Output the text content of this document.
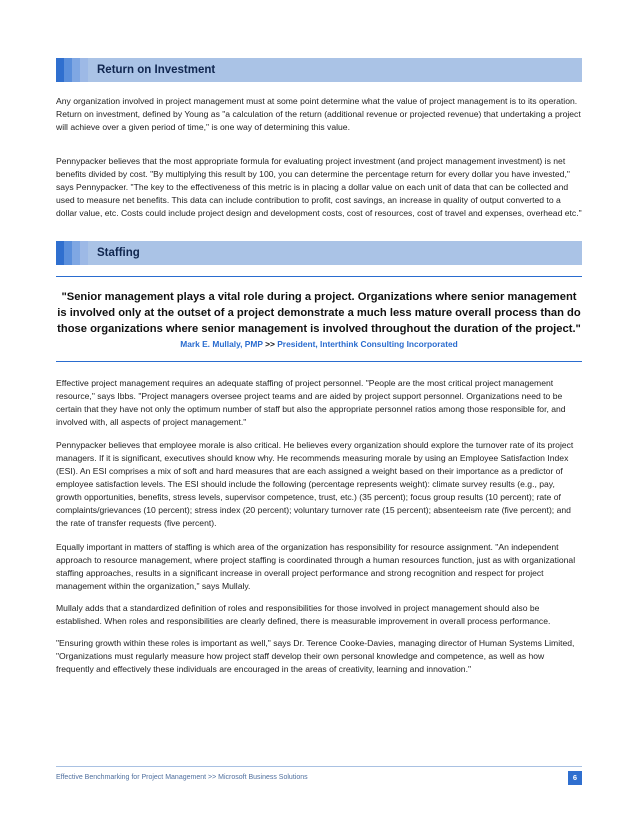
Return on Investment

Any organization involved in project management must at some point determine what the value of project management is to its operation. Return on investment, defined by Young as "a calculation of the return (additional revenue or projected revenue) that undertaking a project will achieve over a given period of time," is one way of determining this value.

Pennypacker believes that the most appropriate formula for evaluating project investment (and project management investment) is net benefits divided by cost. "By multiplying this result by 100, you can determine the percentage return for every dollar you have invested," says Pennypacker. "The key to the effectiveness of this metric is in placing a dollar value on each unit of data that can be collected and used to measure net benefits. This data can include contribution to profit, cost savings, an increase in quality of output converted to a dollar value, etc. Costs could include project design and development costs, cost of resources, cost of travel and expenses, overhead etc."

Staffing

"Senior management plays a vital role during a project. Organizations where senior management is involved only at the outset of a project demonstrate a much less mature overall process than do those organizations where senior management is involved throughout the duration of the project."

Mark E. Mullaly, PMP >> President, Interthink Consulting Incorporated

Effective project management requires an adequate staffing of project personnel. "People are the most critical project management resource," says Ibbs. "Project managers oversee project teams and are aided by project support personnel. Organizations need to be certain that they have not only the optimum number of staff but also the appropriate personnel ratios among those responsible for, and involved with, all aspects of project management."

Pennypacker believes that employee morale is also critical. He believes every organization should explore the turnover rate of its project managers. If it is significant, executives should know why. He recommends measuring morale by using an Employee Satisfaction Index (ESI). An ESI comprises a mix of soft and hard measures that are each assigned a weight based on their importance as a predictor of employee satisfaction levels. The ESI should include the following (percentage represents weight): climate survey results (e.g., pay, growth opportunities, benefits, stress levels, supervisor competence, trust, etc.) (35 percent); focus group results (10 percent); rate of complaints/grievances (10 percent); stress index (20 percent); voluntary turnover rate (15 percent); absenteeism rate (five percent); and the rate of transfer requests (five percent).

Equally important in matters of staffing is which area of the organization has responsibility for resource assignment. "An independent approach to resource management, where project staffing is coordinated through a human resources function, just as with organizational staffing approaches, results in a significant increase in overall project performance and strong recognition and respect for project management within the organization," says Mullaly.

Mullaly adds that a standardized definition of roles and responsibilities for those involved in project management should also be established. When roles and responsibilities are clearly defined, there is measurable improvement in overall process performance.

"Ensuring growth within these roles is important as well," says Dr. Terence Cooke-Davies, managing director of Human Systems Limited, "Organizations must regularly measure how project staff develop their own personal knowledge and competence, as well as how frequently and effectively these individuals are encouraged in the areas of creativity, learning and innovation."

Effective Benchmarking for Project Management >> Microsoft Business Solutions	6
